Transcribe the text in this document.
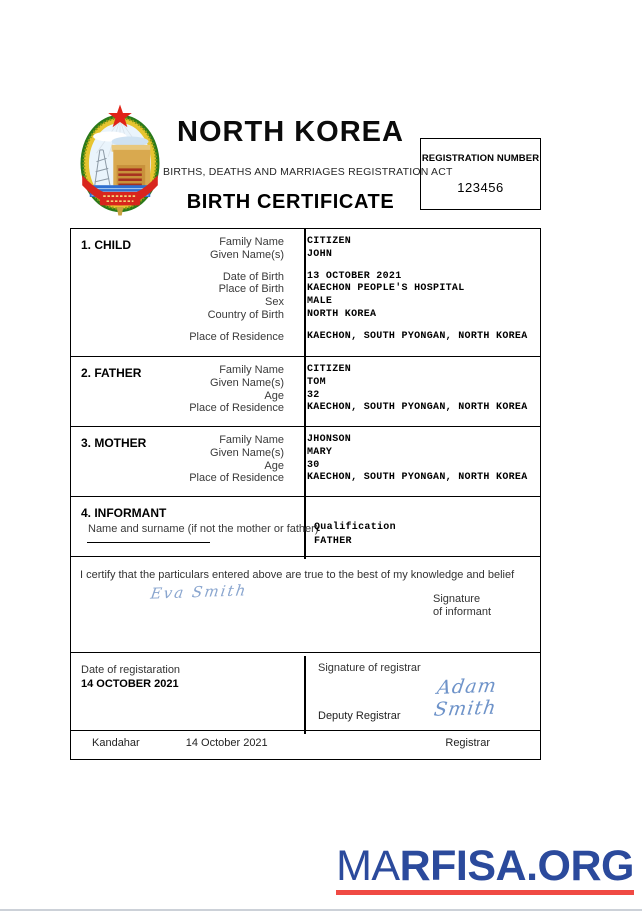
NORTH KOREA
BIRTHS, DEATHS AND MARRIAGES REGISTRATION ACT
BIRTH CERTIFICATE
REGISTRATION NUMBER
123456
1. CHILD	Family Name	CITIZEN
Given Name(s)	JOHN
Date of Birth	13 OCTOBER 2021
Place of Birth	KAECHON PEOPLE'S HOSPITAL
Sex	MALE
Country of Birth	NORTH KOREA
Place of Residence	KAECHON, SOUTH PYONGAN, NORTH KOREA
2. FATHER	Family Name	CITIZEN
Given Name(s)	TOM
Age	32
Place of Residence	KAECHON, SOUTH PYONGAN, NORTH KOREA
3. MOTHER	Family Name	JHONSON
Given Name(s)	MARY
Age	30
Place of Residence	KAECHON, SOUTH PYONGAN, NORTH KOREA
4. INFORMANT
Name and surname (if not the mother or father)
Qualification
FATHER
I certify that the particulars entered above are true to the best of my knowledge and belief
Eva Smith	Signature
of informant
Date of registaration
14 OCTOBER 2021
Signature of registrar
Adam Smith
Deputy Registrar
Kandahar	14 October 2021	Registrar
MARFISA.ORG
